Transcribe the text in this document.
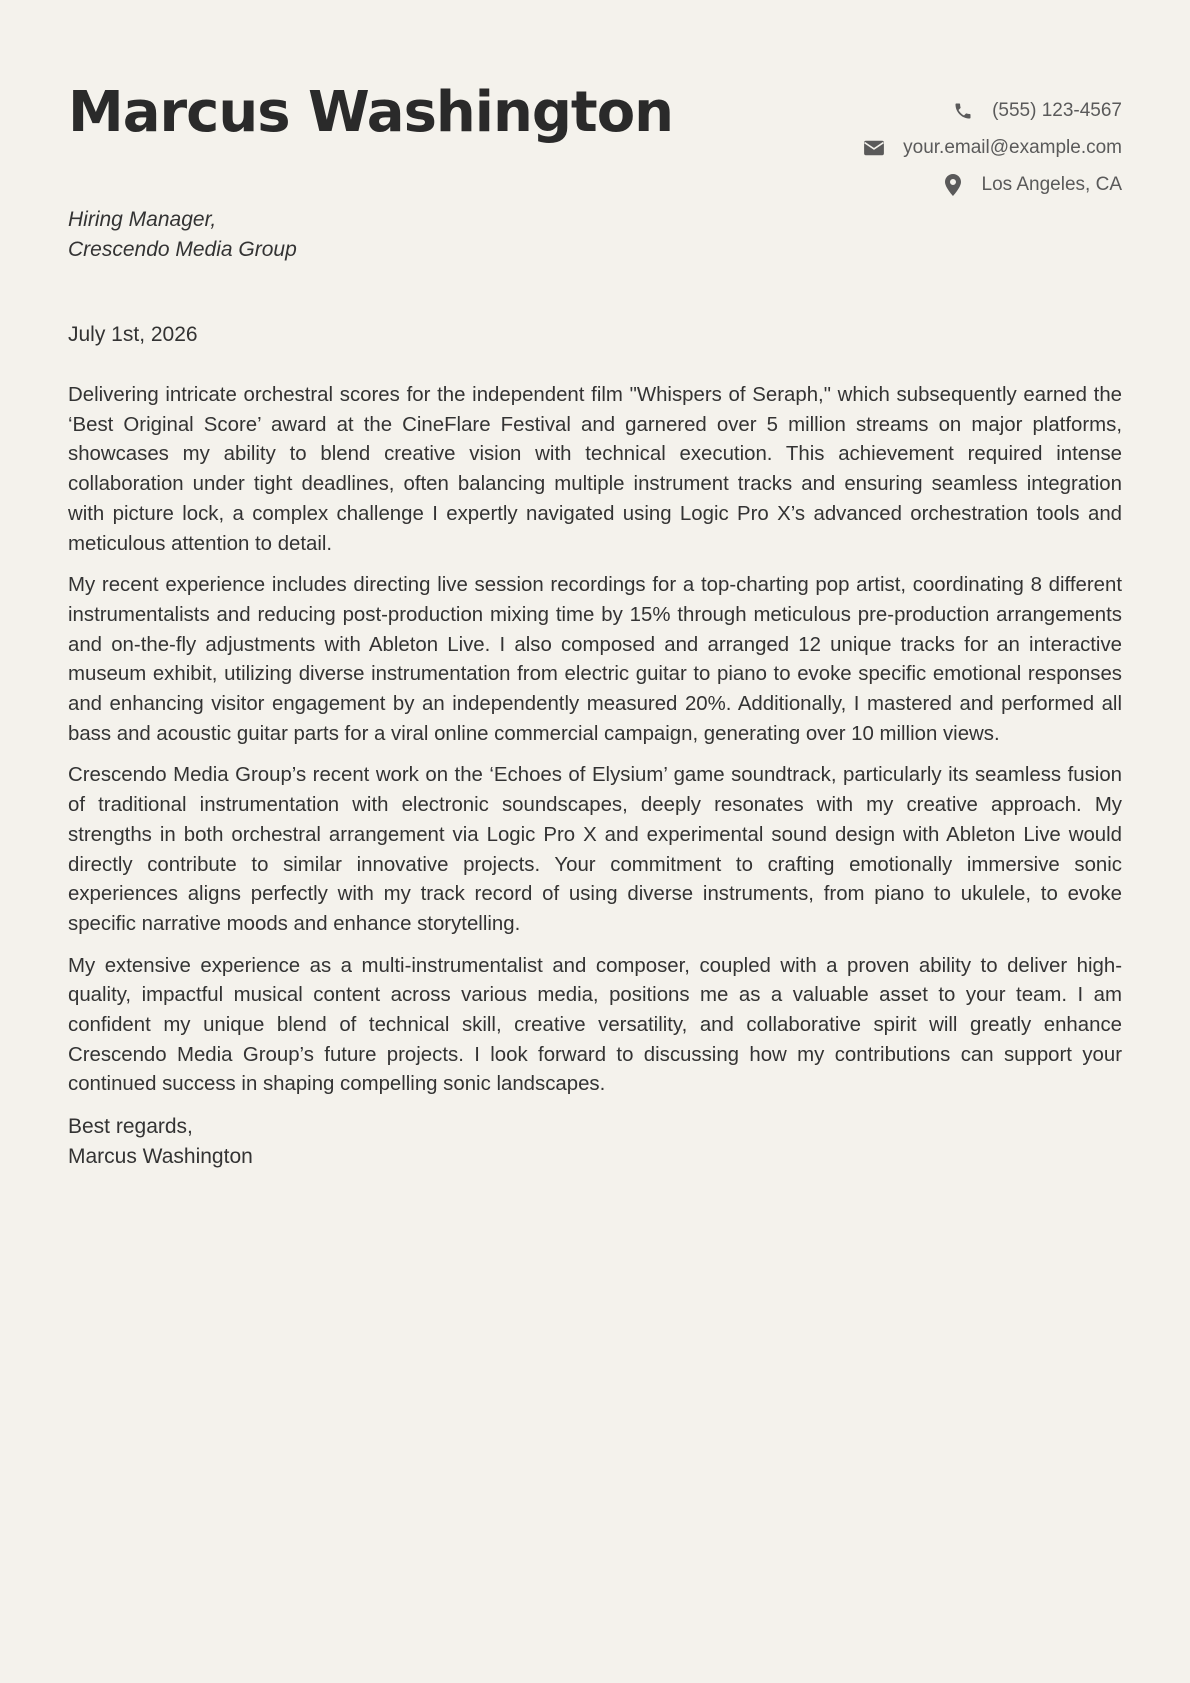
Marcus Washington	(555) 123-4567
your.email@example.com
Los Angeles, CA

Hiring Manager,

Crescendo Media Group

July 1st, 2026

Delivering intricate orchestral scores for the independent film "Whispers of Seraph," which subsequently earned the ‘Best Original Score’ award at the CineFlare Festival and garnered over 5 million streams on major platforms, showcases my ability to blend creative vision with technical execution. This achievement required intense collaboration under tight deadlines, often balancing multiple instrument tracks and ensuring seamless integration with picture lock, a complex challenge I expertly navigated using Logic Pro X’s advanced orchestration tools and meticulous attention to detail.

My recent experience includes directing live session recordings for a top-charting pop artist, coordinating 8 different instrumentalists and reducing post-production mixing time by 15% through meticulous pre-production arrangements and on-the-fly adjustments with Ableton Live. I also composed and arranged 12 unique tracks for an interactive museum exhibit, utilizing diverse instrumentation from electric guitar to piano to evoke specific emotional responses and enhancing visitor engagement by an independently measured 20%. Additionally, I mastered and performed all bass and acoustic guitar parts for a viral online commercial campaign, generating over 10 million views.

Crescendo Media Group’s recent work on the ‘Echoes of Elysium’ game soundtrack, particularly its seamless fusion of traditional instrumentation with electronic soundscapes, deeply resonates with my creative approach. My strengths in both orchestral arrangement via Logic Pro X and experimental sound design with Ableton Live would directly contribute to similar innovative projects. Your commitment to crafting emotionally immersive sonic experiences aligns perfectly with my track record of using diverse instruments, from piano to ukulele, to evoke specific narrative moods and enhance storytelling.

My extensive experience as a multi-instrumentalist and composer, coupled with a proven ability to deliver high-quality, impactful musical content across various media, positions me as a valuable asset to your team. I am confident my unique blend of technical skill, creative versatility, and collaborative spirit will greatly enhance Crescendo Media Group’s future projects. I look forward to discussing how my contributions can support your continued success in shaping compelling sonic landscapes.

Best regards,
Marcus Washington
